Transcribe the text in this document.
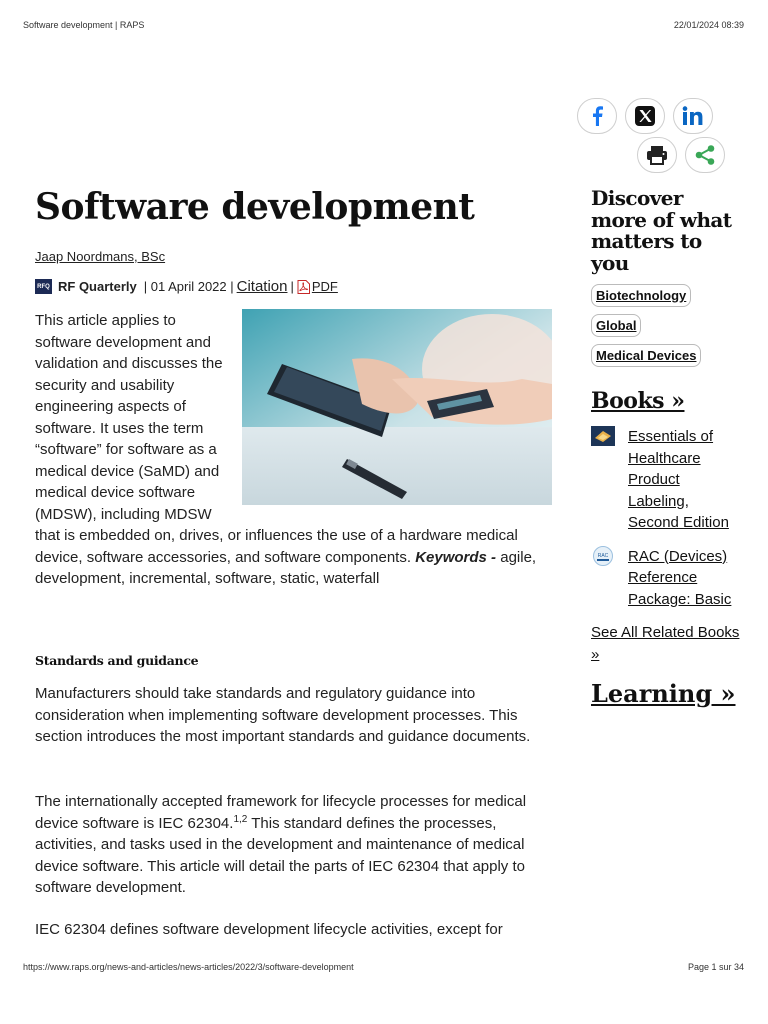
Software development | RAPS	22/01/2024 08:39
Software development
Jaap Noordmans, BSc
RFQ RF Quarterly | 01 April 2022 | Citation | PDF

This article applies to software development and validation and discusses the security and usability engineering aspects of software. It uses the term “software” for software as a medical device (SaMD) and medical device software (MDSW), including MDSW that is embedded on, drives, or influences the use of a hardware medical device, software accessories, and software components. Keywords - agile, development, incremental, software, static, waterfall

Standards and guidance

Manufacturers should take standards and regulatory guidance into consideration when implementing software development processes. This section introduces the most important standards and guidance documents.

The internationally accepted framework for lifecycle processes for medical device software is IEC 62304.$^{1,2}$ This standard defines the processes, activities, and tasks used in the development and maintenance of medical device software. This article will detail the parts of IEC 62304 that apply to software development.

IEC 62304 defines software development lifecycle activities, except for

Discover more of what matters to you
Biotechnology
Global
Medical Devices
Books »
Essentials of Healthcare Product Labeling, Second Edition
RAC RAC (Devices) Reference Package: Basic
See All Related Books »
Learning »
https://www.raps.org/news-and-articles/news-articles/2022/3/software-development	Page 1 sur 34
